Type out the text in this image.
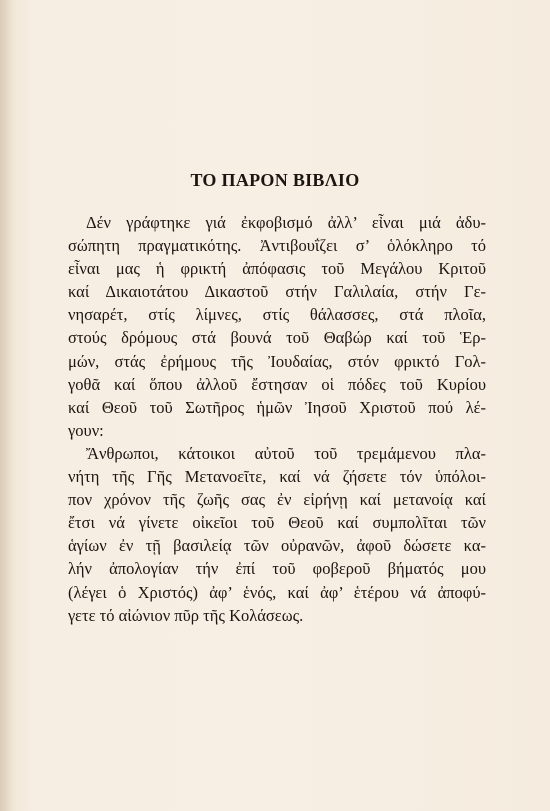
ΤΟ ΠΑΡΟΝ ΒΙΒΛΙΟ
Δέν γράφτηκε γιά ἐκφοβισμό ἀλλ’ εἶναι μιά ἀδυ-
σώπητη πραγματικότης. Ἀντιβουΐζει σ’ ὁλόκληρο τό
εἶναι μας ἡ φρικτή ἀπόφασις τοῦ Μεγάλου Κριτοῦ
καί Δικαιοτάτου Δικαστοῦ στήν Γαλιλαία, στήν Γε-
νησαρέτ, στίς λίμνες, στίς θάλασσες, στά πλοῖα,
στούς δρόμους στά βουνά τοῦ Θαβώρ καί τοῦ Ἑρ-
μών, στάς ἐρήμους τῆς Ἰουδαίας, στόν φρικτό Γολ-
γοθᾶ καί ὅπου ἀλλοῦ ἔστησαν οἱ πόδες τοῦ Κυρίου
καί Θεοῦ τοῦ Σωτῆρος ἡμῶν Ἰησοῦ Χριστοῦ πού λέ-
γουν:
Ἄνθρωποι, κάτοικοι αὐτοῦ τοῦ τρεμάμενου πλα-
νήτη τῆς Γῆς Μετανοεῖτε, καί νά ζήσετε τόν ὑπόλοι-
πον χρόνον τῆς ζωῆς σας ἐν εἰρήνῃ καί μετανοίᾳ καί
ἔτσι νά γίνετε οἰκεῖοι τοῦ Θεοῦ καί συμπολῖται τῶν
ἁγίων ἐν τῇ βασιλείᾳ τῶν οὐρανῶν, ἀφοῦ δώσετε κα-
λήν ἀπολογίαν τήν ἐπί τοῦ φοβεροῦ βήματός μου
(λέγει ὁ Χριστός) ἀφ’ ἑνός, καί ἀφ’ ἑτέρου νά ἀποφύ-
γετε τό αἰώνιον πῦρ τῆς Κολάσεως.
